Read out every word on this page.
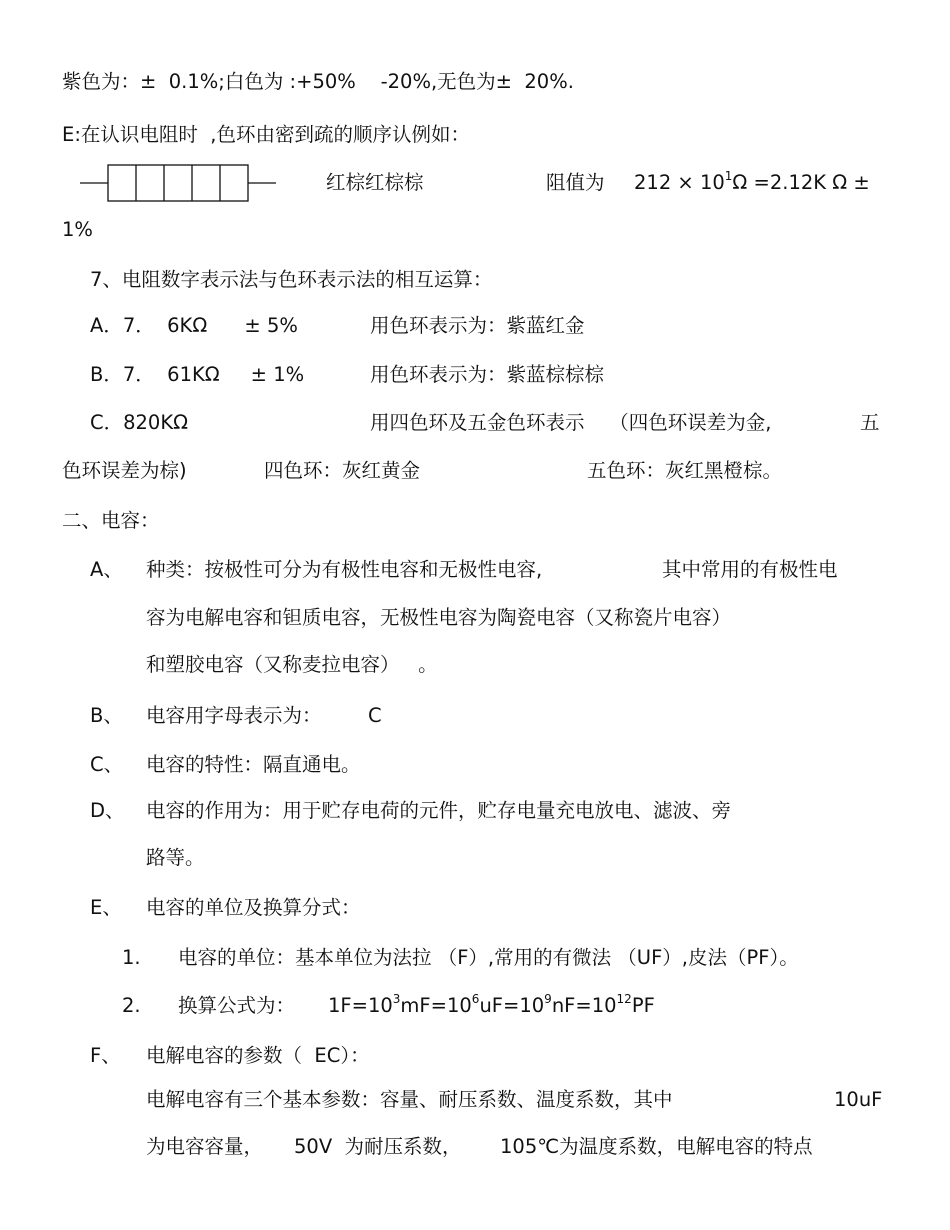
紫色为：±  0.1%;白色为 :+50%    -20%,无色为±  20%.
E:在认识电阻时  ,色环由密到疏的顺序认例如：
红棕红棕棕	阻值为 $212 \times 10^1\Omega =2.12K$ Ω ±
1%
7、电阻数字表示法与色环表示法的相互运算：
A．7．  6KΩ      ± 5%	用色环表示为：紫蓝红金
B．7．  61KΩ     ± 1%	用色环表示为：紫蓝棕棕棕
C．820KΩ	用四色环及五金色环表示    （四色环误差为金,	五
色环误差为棕)	四色环：灰红黄金	五色环：灰红黑橙棕。
二、电容：
A、 种类：按极性可分为有极性电容和无极性电容,	其中常用的有极性电
容为电解电容和钽质电容，无极性电容为陶瓷电容（又称瓷片电容）
和塑胶电容（又称麦拉电容）   。
B、 电容用字母表示为： C
C、 电容的特性：隔直通电。
D、 电容的作用为：用于贮存电荷的元件，贮存电量充电放电、滤波、旁
路等。
E、 电容的单位及换算分式：
1. 电容的单位：基本单位为法拉 （F）,常用的有微法 （UF）,皮法（PF）。
2. 换算公式为： $1F=10^3mF=10^6uF=10^9nF=10^{12}PF$
F、 电解电容的参数（  EC）：
电解电容有三个基本参数：容量、耐压系数、温度系数，其中	10uF
为电容容量， 50V  为耐压系数， 105℃为温度系数，电解电容的特点
